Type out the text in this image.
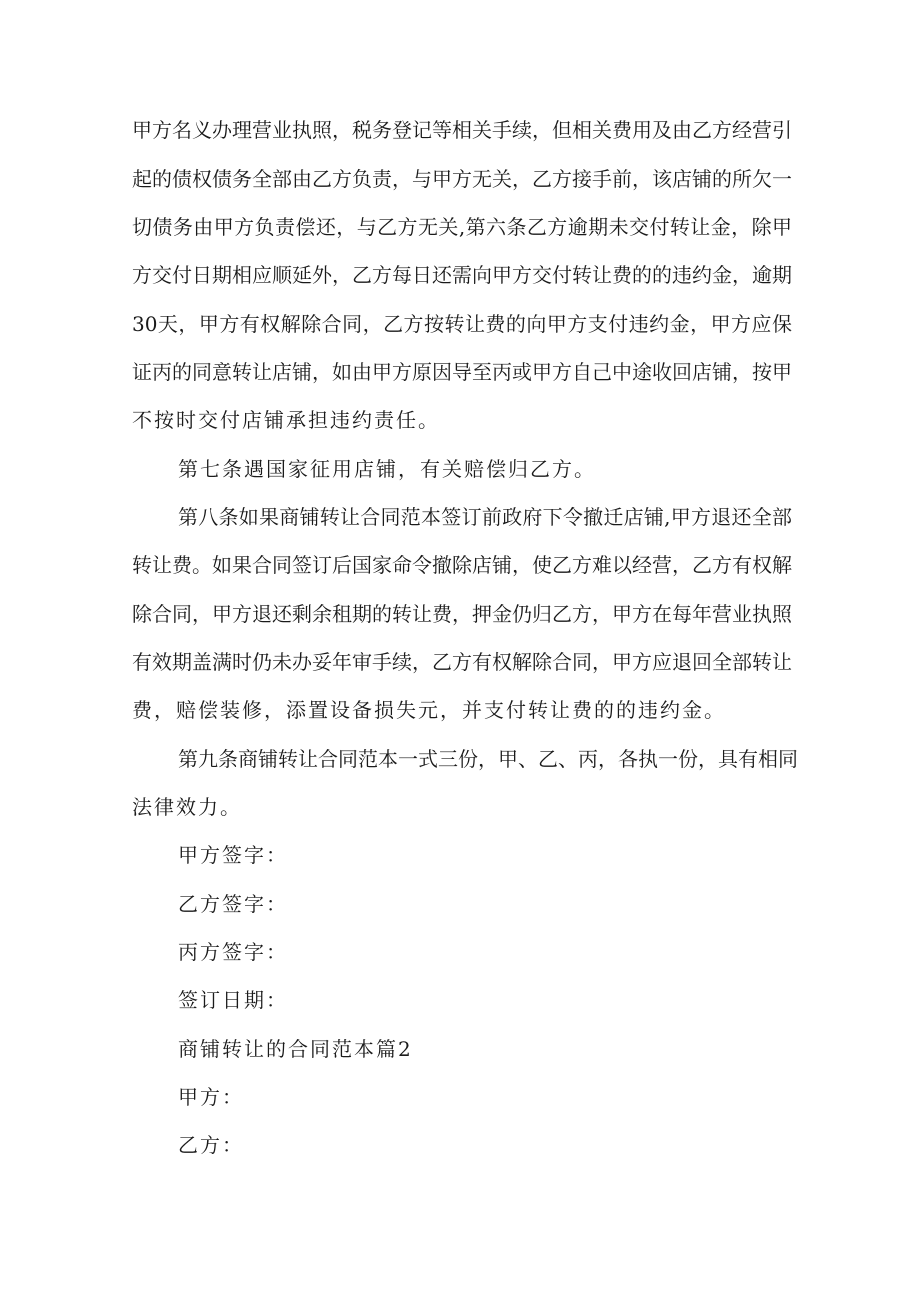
甲方名义办理营业执照，税务登记等相关手续，但相关费用及由乙方经营引
起的债权债务全部由乙方负责，与甲方无关，乙方接手前，该店铺的所欠一
切债务由甲方负责偿还，与乙方无关,第六条乙方逾期未交付转让金，除甲
方交付日期相应顺延外，乙方每日还需向甲方交付转让费的的违约金，逾期
30天，甲方有权解除合同，乙方按转让费的向甲方支付违约金，甲方应保
证丙的同意转让店铺，如由甲方原因导至丙或甲方自己中途收回店铺，按甲
不按时交付店铺承担违约责任。
第七条遇国家征用店铺，有关赔偿归乙方。
第八条如果商铺转让合同范本签订前政府下令撤迁店铺,甲方退还全部
转让费。如果合同签订后国家命令撤除店铺，使乙方难以经营，乙方有权解
除合同，甲方退还剩余租期的转让费，押金仍归乙方，甲方在每年营业执照
有效期盖满时仍未办妥年审手续，乙方有权解除合同，甲方应退回全部转让
费，赔偿装修，添置设备损失元，并支付转让费的的违约金。
第九条商铺转让合同范本一式三份，甲、乙、丙，各执一份，具有相同
法律效力。
甲方签字：
乙方签字：
丙方签字：
签订日期：
商铺转让的合同范本篇2
甲方：
乙方：
